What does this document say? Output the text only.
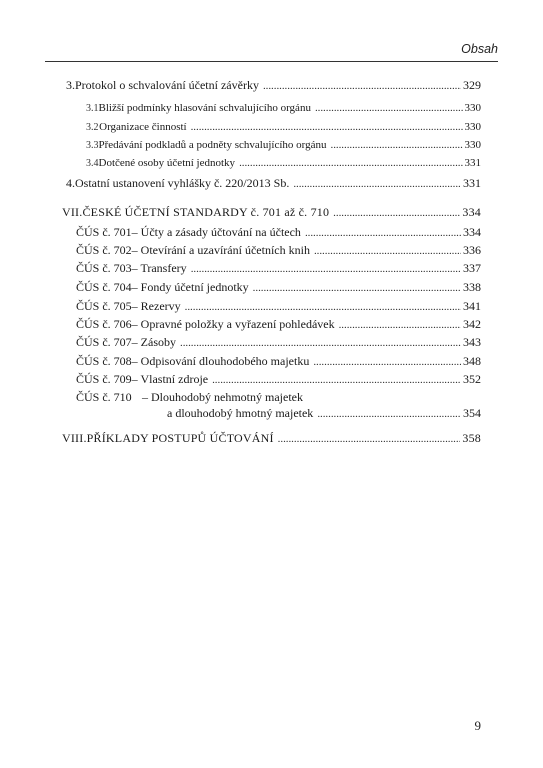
Obsah
3. Protokol o schvalování účetní závěrky . . .	329
3.1 Bližší podmínky hlasování schvalujícího orgánu . . .	330
3.2 Organizace činností . . .	330
3.3 Předávání podkladů a podněty schvalujícího orgánu . . .	330
3.4 Dotčené osoby účetní jednotky . . .	331
4. Ostatní ustanovení vyhlášky č. 220/2013 Sb. . . .	331
VII. ČESKÉ ÚČETNÍ STANDARDY č. 701 až č. 710 . . .	334
ČÚS č. 701 – Účty a zásady účtování na účtech . . .	334
ČÚS č. 702 – Otevírání a uzavírání účetních knih . . .	336
ČÚS č. 703 – Transfery . . .	337
ČÚS č. 704 – Fondy účetní jednotky . . .	338
ČÚS č. 705 – Rezervy . . .	341
ČÚS č. 706 – Opravné položky a vyřazení pohledávek . . .	342
ČÚS č. 707 – Zásoby . . .	343
ČÚS č. 708 – Odpisování dlouhodobého majetku . . .	348
ČÚS č. 709 – Vlastní zdroje . . .	352
ČÚS č. 710 – Dlouhodobý nehmotný majetek
a dlouhodobý hmotný majetek . . .	354
VIII. PŘÍKLADY POSTUPŮ ÚČTOVÁNÍ . . .	358
9
